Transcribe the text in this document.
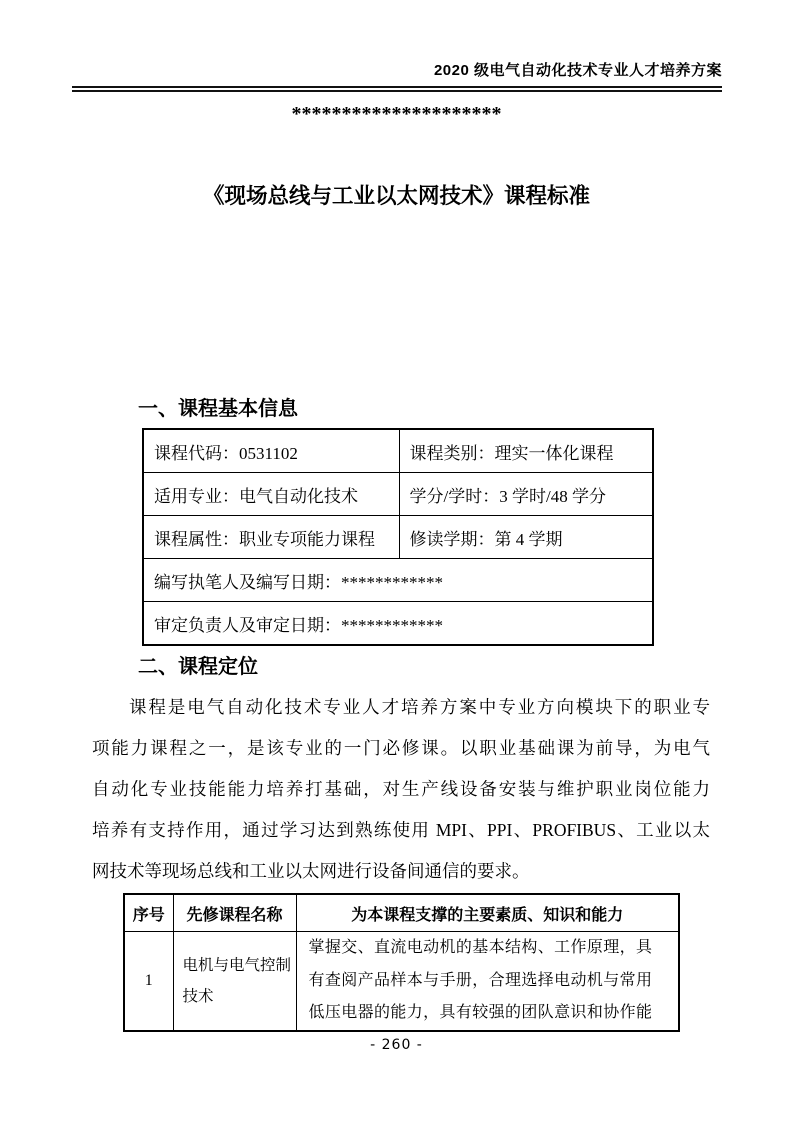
2020 级电气自动化技术专业人才培养方案
*********************
《现场总线与工业以太网技术》课程标准
一、课程基本信息
课程代码：0531102	课程类别：理实一体化课程
适用专业：电气自动化技术	学分/学时：3 学时/48 学分
课程属性：职业专项能力课程	修读学期：第 4 学期
编写执笔人及编写日期：************	
审定负责人及审定日期：************	
二、课程定位
课程是电气自动化技术专业人才培养方案中专业方向模块下的职业专
项能力课程之一，是该专业的一门必修课。以职业基础课为前导，为电气
自动化专业技能能力培养打基础，对生产线设备安装与维护职业岗位能力
培养有支持作用，通过学习达到熟练使用 MPI、PPI、PROFIBUS、工业以太
网技术等现场总线和工业以太网进行设备间通信的要求。
序号	先修课程名称	为本课程支撑的主要素质、知识和能力
1	电机与电气控制技术	掌握交、直流电动机的基本结构、工作原理，具有查阅产品样本与手册，合理选择电动机与常用低压电器的能力，具有较强的团队意识和协作能
- 260 -
